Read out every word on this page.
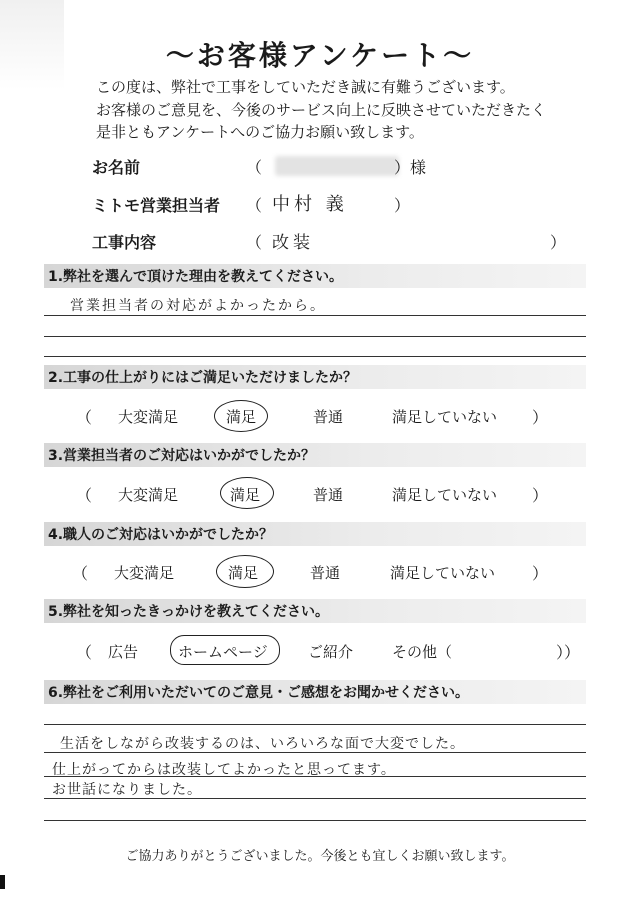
～お客様アンケート～
この度は、弊社で工事をしていただき誠に有難うございます。
お客様のご意見を、今後のサービス向上に反映させていただきたく
是非ともアンケートへのご協力お願い致します。
お名前	（	）様
ミトモ営業担当者 （ 中村 義	）
工事内容	（ 改装	）
1.弊社を選んで頂けた理由を教えてください。
営業担当者の対応がよかったから。
2.工事の仕上がりにはご満足いただけましたか？
（ 大変満足	満足	普通	満足していない ）
3.営業担当者のご対応はいかがでしたか？
（ 大変満足	満足	普通	満足していない ）
4.職人のご対応はいかがでしたか？
（ 大変満足	満足	普通	満足していない ）
5.弊社を知ったきっかけを教えてください。
（ 広告	ホームページ	ご紹介	その他（	））
6.弊社をご利用いただいてのご意見・ご感想をお聞かせください。
生活をしながら改装するのは、いろいろな面で大変でした。
仕上がってからは改装してよかったと思ってます。
お世話になりました。
ご協力ありがとうございました。今後とも宜しくお願い致します。
